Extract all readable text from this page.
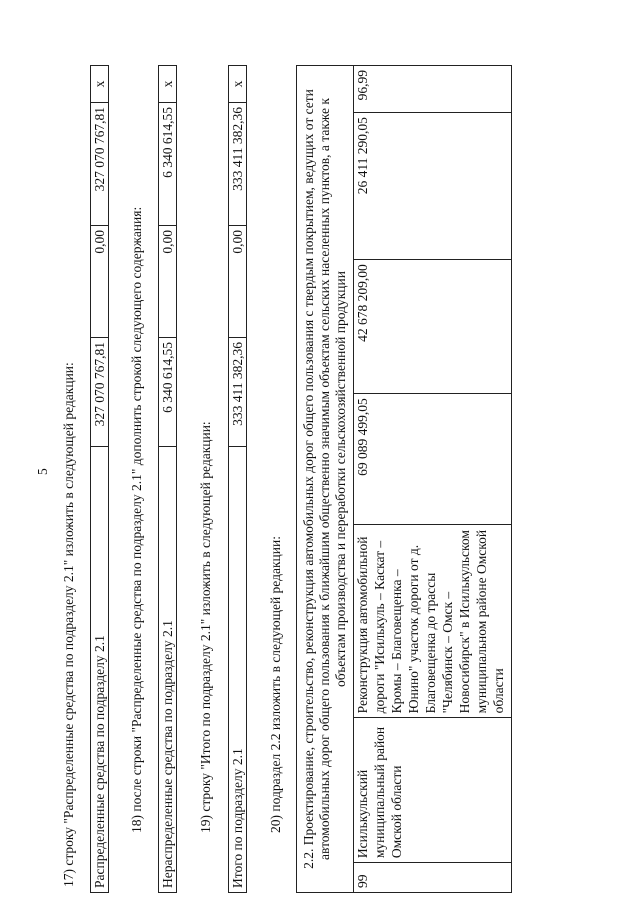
5 17) строку "Распределенные средства по подразделу 2.1" изложить в следующей редакции: Распределенные средства по подразделу 2.1	327 070 767,81	0,00	327 070 767,81	х
18) после строки "Распределенные средства по подразделу 2.1" дополнить строкой следующего содержания: Нераспределенные средства по подразделу 2.1	6 340 614,55	0,00	6 340 614,55	х
19) строку "Итого по подразделу 2.1" изложить в следующей редакции: Итого по подразделу 2.1	333 411 382,36	0,00	333 411 382,36	х
20) подраздел 2.2 изложить в следующей редакции: 2.2. Проектирование, строительство, реконструкция автомобильных дорог общего пользования с твердым покрытием, ведущих от сети автомобильных дорог общего пользования к ближайшим общественно значимым объектам сельских населенных пунктов, а также к объектам производства и переработки сельскохозяйственной продукции
99	Исилькульский муниципальный район Омской области	Реконструкция автомобильной дороги "Исилькуль – Кaскат – Кромы – Благовещенка – Юнино" участок дороги от д. Благовещенка до трассы "Челябинск – Омск – Новосибирск" в Исилькульском муниципальном районе Омской области	69 089 499,05	42 678 209,00	26 411 290,05	96,99
